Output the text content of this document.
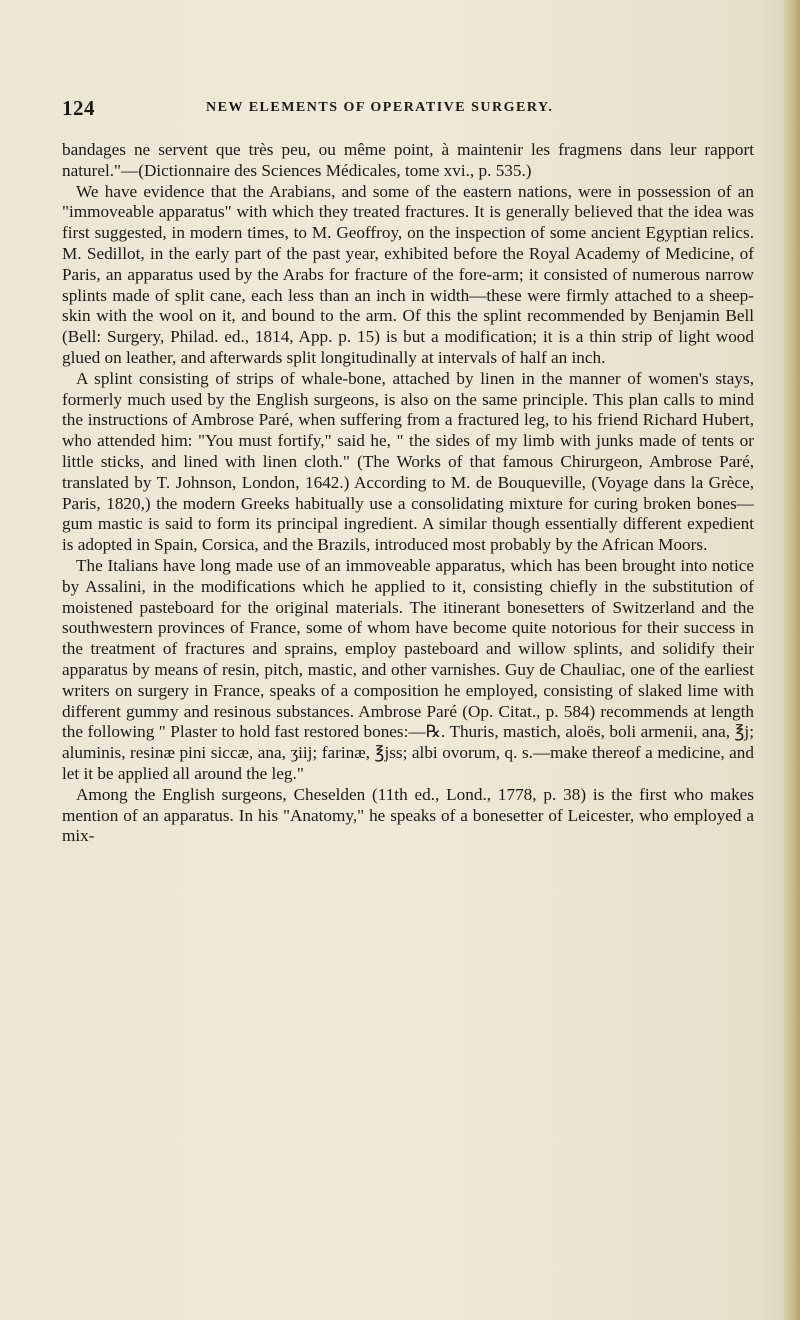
124	NEW ELEMENTS OF OPERATIVE SURGERY.

bandages ne servent que très peu, ou même point, à maintenir les fragmens dans leur rapport naturel."—(Dictionnaire des Sciences Médicales, tome xvi., p. 535.)

We have evidence that the Arabians, and some of the eastern nations, were in possession of an "immoveable apparatus" with which they treated fractures. It is generally believed that the idea was first suggested, in modern times, to M. Geoffroy, on the inspection of some ancient Egyptian relics. M. Sedillot, in the early part of the past year, exhibited before the Royal Academy of Medicine, of Paris, an apparatus used by the Arabs for fracture of the fore-arm; it consisted of numerous narrow splints made of split cane, each less than an inch in width—these were firmly attached to a sheep-skin with the wool on it, and bound to the arm. Of this the splint recommended by Benjamin Bell (Bell: Surgery, Philad. ed., 1814, App. p. 15) is but a modification; it is a thin strip of light wood glued on leather, and afterwards split longitudinally at intervals of half an inch.

A splint consisting of strips of whale-bone, attached by linen in the manner of women's stays, formerly much used by the English surgeons, is also on the same principle. This plan calls to mind the instructions of Ambrose Paré, when suffering from a fractured leg, to his friend Richard Hubert, who attended him: "You must fortify," said he, " the sides of my limb with junks made of tents or little sticks, and lined with linen cloth." (The Works of that famous Chirurgeon, Ambrose Paré, translated by T. Johnson, London, 1642.) According to M. de Bouqueville, (Voyage dans la Grèce, Paris, 1820,) the modern Greeks habitually use a consolidating mixture for curing broken bones—gum mastic is said to form its principal ingredient. A similar though essentially different expedient is adopted in Spain, Corsica, and the Brazils, introduced most probably by the African Moors.

The Italians have long made use of an immoveable apparatus, which has been brought into notice by Assalini, in the modifications which he applied to it, consisting chiefly in the substitution of moistened pasteboard for the original materials. The itinerant bonesetters of Switzerland and the southwestern provinces of France, some of whom have become quite notorious for their success in the treatment of fractures and sprains, employ pasteboard and willow splints, and solidify their apparatus by means of resin, pitch, mastic, and other varnishes. Guy de Chauliac, one of the earliest writers on surgery in France, speaks of a composition he employed, consisting of slaked lime with different gummy and resinous substances. Ambrose Paré (Op. Citat., p. 584) recommends at length the following " Plaster to hold fast restored bones:—℞. Thuris, mastich, aloës, boli armenii, ana, ℥j; aluminis, resinæ pini siccæ, ana, ʒiij; farinæ, ℥jss; albi ovorum, q. s.—make thereof a medicine, and let it be applied all around the leg."

Among the English surgeons, Cheselden (11th ed., Lond., 1778, p. 38) is the first who makes mention of an apparatus. In his "Anatomy," he speaks of a bonesetter of Leicester, who employed a mix-
